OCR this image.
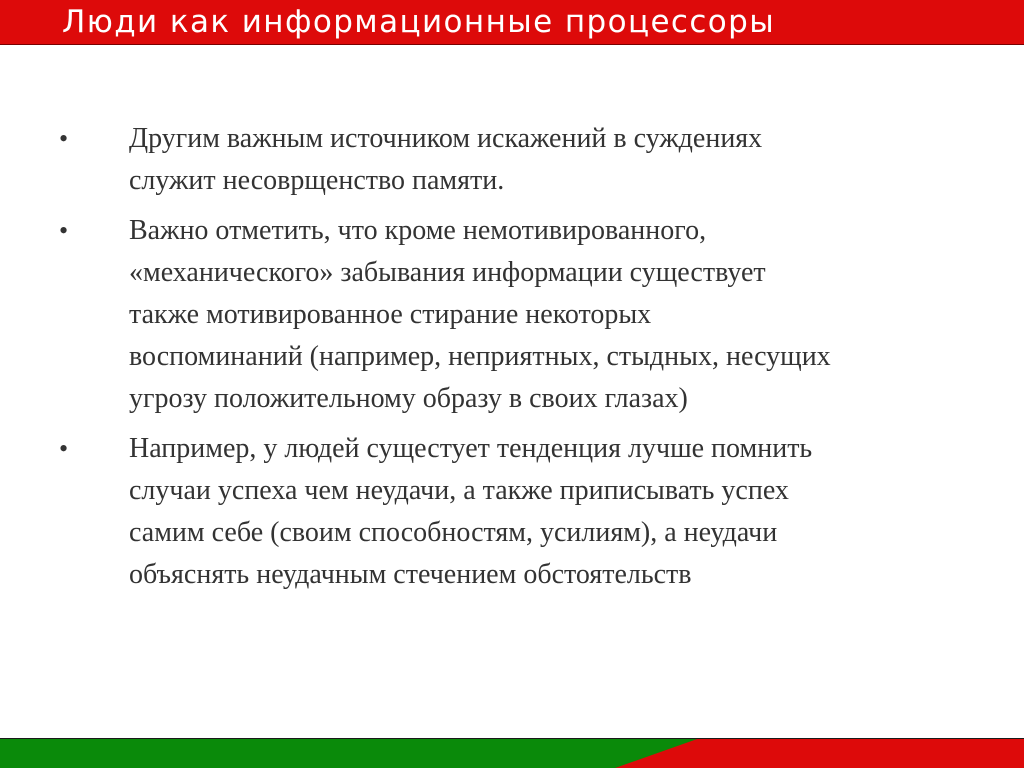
Люди как информационные процессоры
• Другим важным источником искажений в суждениях
служит несоврщенство памяти.
• Важно отметить, что кроме немотивированного,
«механического» забывания информации существует
также мотивированное стирание некоторых
воспоминаний (например, неприятных, стыдных, несущих
угрозу положительному образу в своих глазах)
• Например, у людей сущестует тенденция лучше помнить
случаи успеха чем неудачи, а также приписывать успех
самим себе (своим способностям, усилиям), а неудачи
объяснять неудачным стечением обстоятельств
